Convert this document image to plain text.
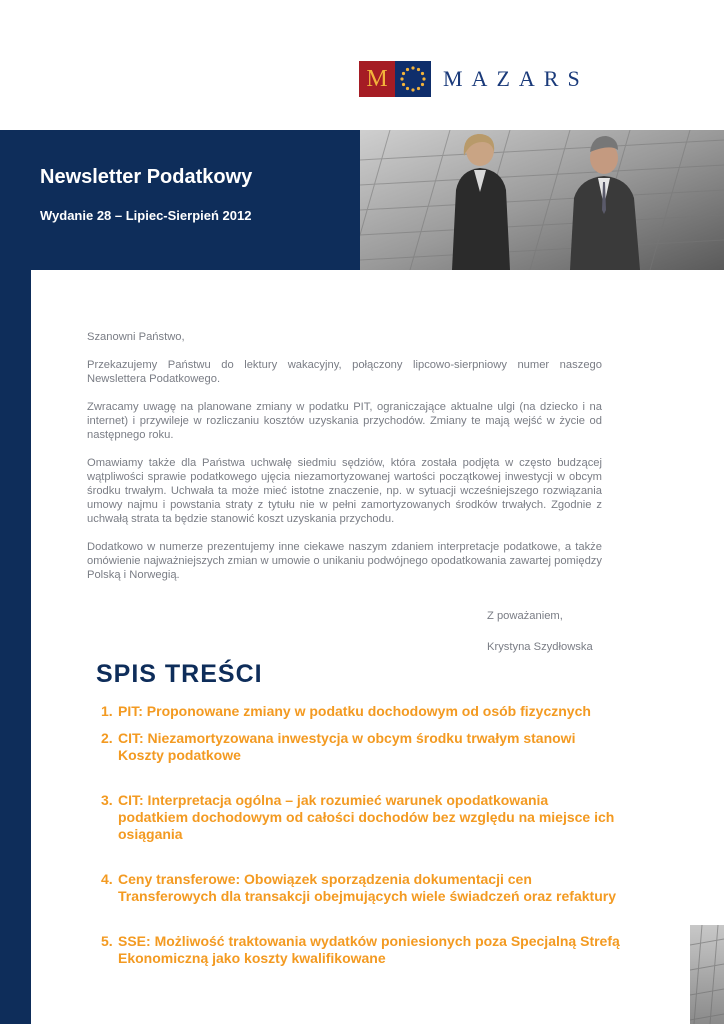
M	MAZARS
Newsletter Podatkowy

Wydanie 28 – Lipiec-Sierpień 2012

Szanowni Państwo,

Przekazujemy Państwu do lektury wakacyjny, połączony lipcowo-sierpniowy numer naszego Newslettera Podatkowego.

Zwracamy uwagę na planowane zmiany w podatku PIT, ograniczające aktualne ulgi (na dziecko i na internet) i przywileje w rozliczaniu kosztów uzyskania przychodów. Zmiany te mają wejść w życie od następnego roku.

Omawiamy także dla Państwa uchwałę siedmiu sędziów, która została podjęta w często budzącej wątpliwości sprawie podatkowego ujęcia niezamortyzowanej wartości początkowej inwestycji w obcym środku trwałym. Uchwała ta może mieć istotne znaczenie, np. w sytuacji wcześniejszego rozwiązania umowy najmu i powstania straty z tytułu nie w pełni zamortyzowanych środków trwałych. Zgodnie z uchwałą strata ta będzie stanowić koszt uzyskania przychodu.

Dodatkowo w numerze prezentujemy inne ciekawe naszym zdaniem interpretacje podatkowe, a także omówienie najważniejszych zmian w umowie o unikaniu podwójnego opodatkowania zawartej pomiędzy Polską i Norwegią.

Z poważaniem,

Krystyna Szydłowska

SPIS TREŚCI
1. PIT: Proponowane zmiany w podatku dochodowym od osób fizycznych
2. CIT: Niezamortyzowana inwestycja w obcym środku trwałym stanowi Koszty podatkowe
3. CIT: Interpretacja ogólna – jak rozumieć warunek opodatkowania podatkiem dochodowym od całości dochodów bez względu na miejsce ich osiągania
4. Ceny transferowe: Obowiązek sporządzenia dokumentacji cen Transferowych dla transakcji obejmujących wiele świadczeń oraz refaktury
5. SSE: Możliwość traktowania wydatków poniesionych poza Specjalną Strefą Ekonomiczną jako koszty kwalifikowane
